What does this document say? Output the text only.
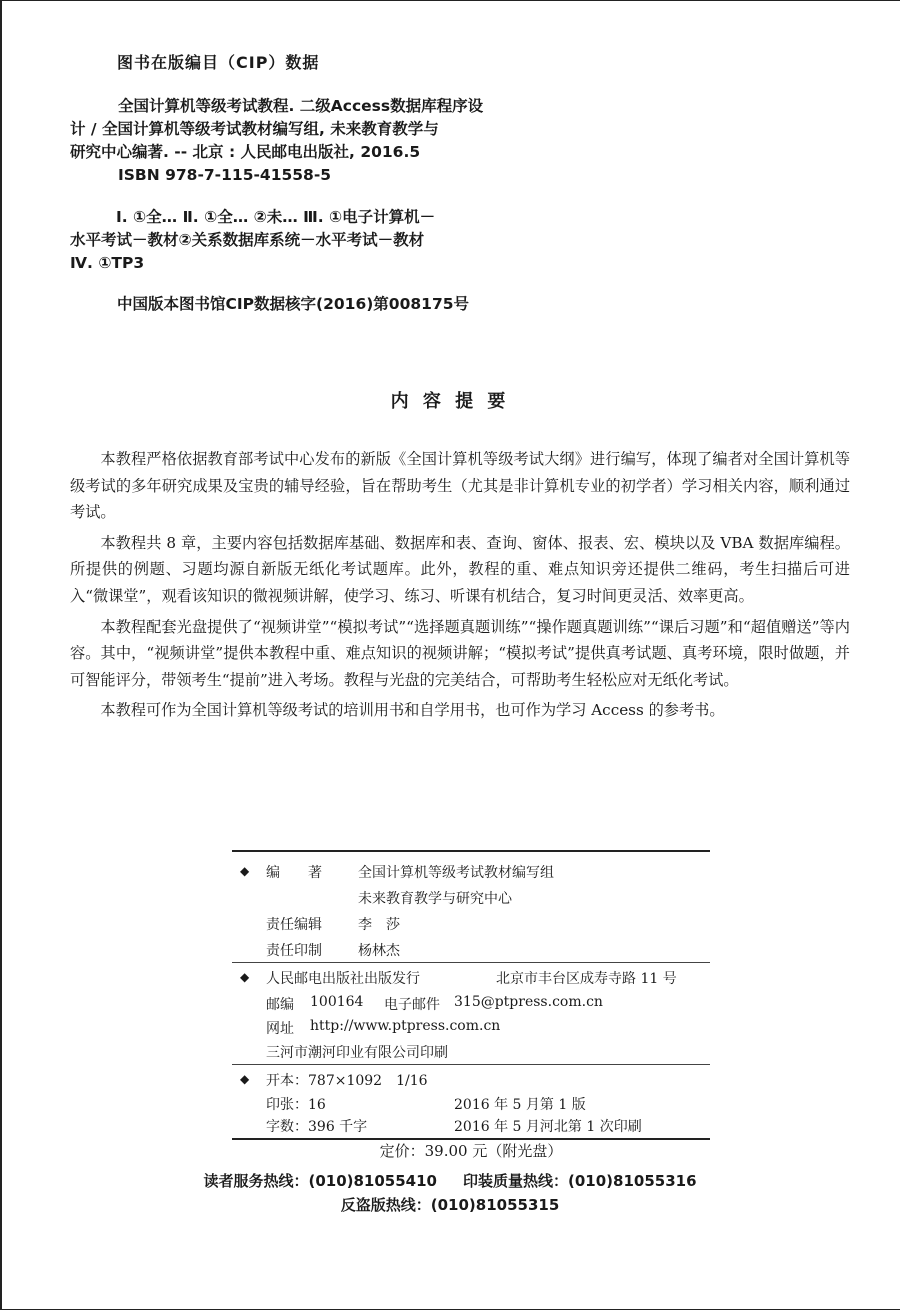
图书在版编目（CIP）数据
全国计算机等级考试教程. 二级Access数据库程序设
计 / 全国计算机等级考试教材编写组, 未来教育教学与
研究中心编著. -- 北京 : 人民邮电出版社, 2016.5
ISBN 978-7-115-41558-5
Ⅰ. ①全… Ⅱ. ①全… ②未… Ⅲ. ①电子计算机－
水平考试－教材②关系数据库系统－水平考试－教材
Ⅳ. ①TP3
中国版本图书馆CIP数据核字(2016)第008175号
内 容 提 要

本教程严格依据教育部考试中心发布的新版《全国计算机等级考试大纲》进行编写，体现了编者对全国计算机等级考试的多年研究成果及宝贵的辅导经验，旨在帮助考生（尤其是非计算机专业的初学者）学习相关内容，顺利通过考试。

本教程共 8 章，主要内容包括数据库基础、数据库和表、查询、窗体、报表、宏、模块以及 VBA 数据库编程。所提供的例题、习题均源自新版无纸化考试题库。此外，教程的重、难点知识旁还提供二维码，考生扫描后可进入“微课堂”，观看该知识的微视频讲解，使学习、练习、听课有机结合，复习时间更灵活、效率更高。

本教程配套光盘提供了“视频讲堂”“模拟考试”“选择题真题训练”“操作题真题训练”“课后习题”和“超值赠送”等内容。其中，“视频讲堂”提供本教程中重、难点知识的视频讲解；“模拟考试”提供真考试题、真考环境，限时做题，并可智能评分，带领考生“提前”进入考场。教程与光盘的完美结合，可帮助考生轻松应对无纸化考试。

本教程可作为全国计算机等级考试的培训用书和自学用书，也可作为学习 Access 的参考书。

◆ 编　　著	全国计算机等级考试教材编写组
未来教育教学与研究中心
责任编辑	李　莎
责任印制	杨林杰
◆ 人民邮电出版社出版发行	北京市丰台区成寿寺路 11 号
邮编 100164 电子邮件 315@ptpress.com.cn
网址 http://www.ptpress.com.cn
三河市潮河印业有限公司印刷
◆ 开本：787×1092　1/16
印张：16	2016 年 5 月第 1 版
字数：396 千字	2016 年 5 月河北第 1 次印刷
定价：39.00 元（附光盘）
读者服务热线：(010)81055410 印装质量热线：(010)81055316
反盗版热线：(010)81055315
